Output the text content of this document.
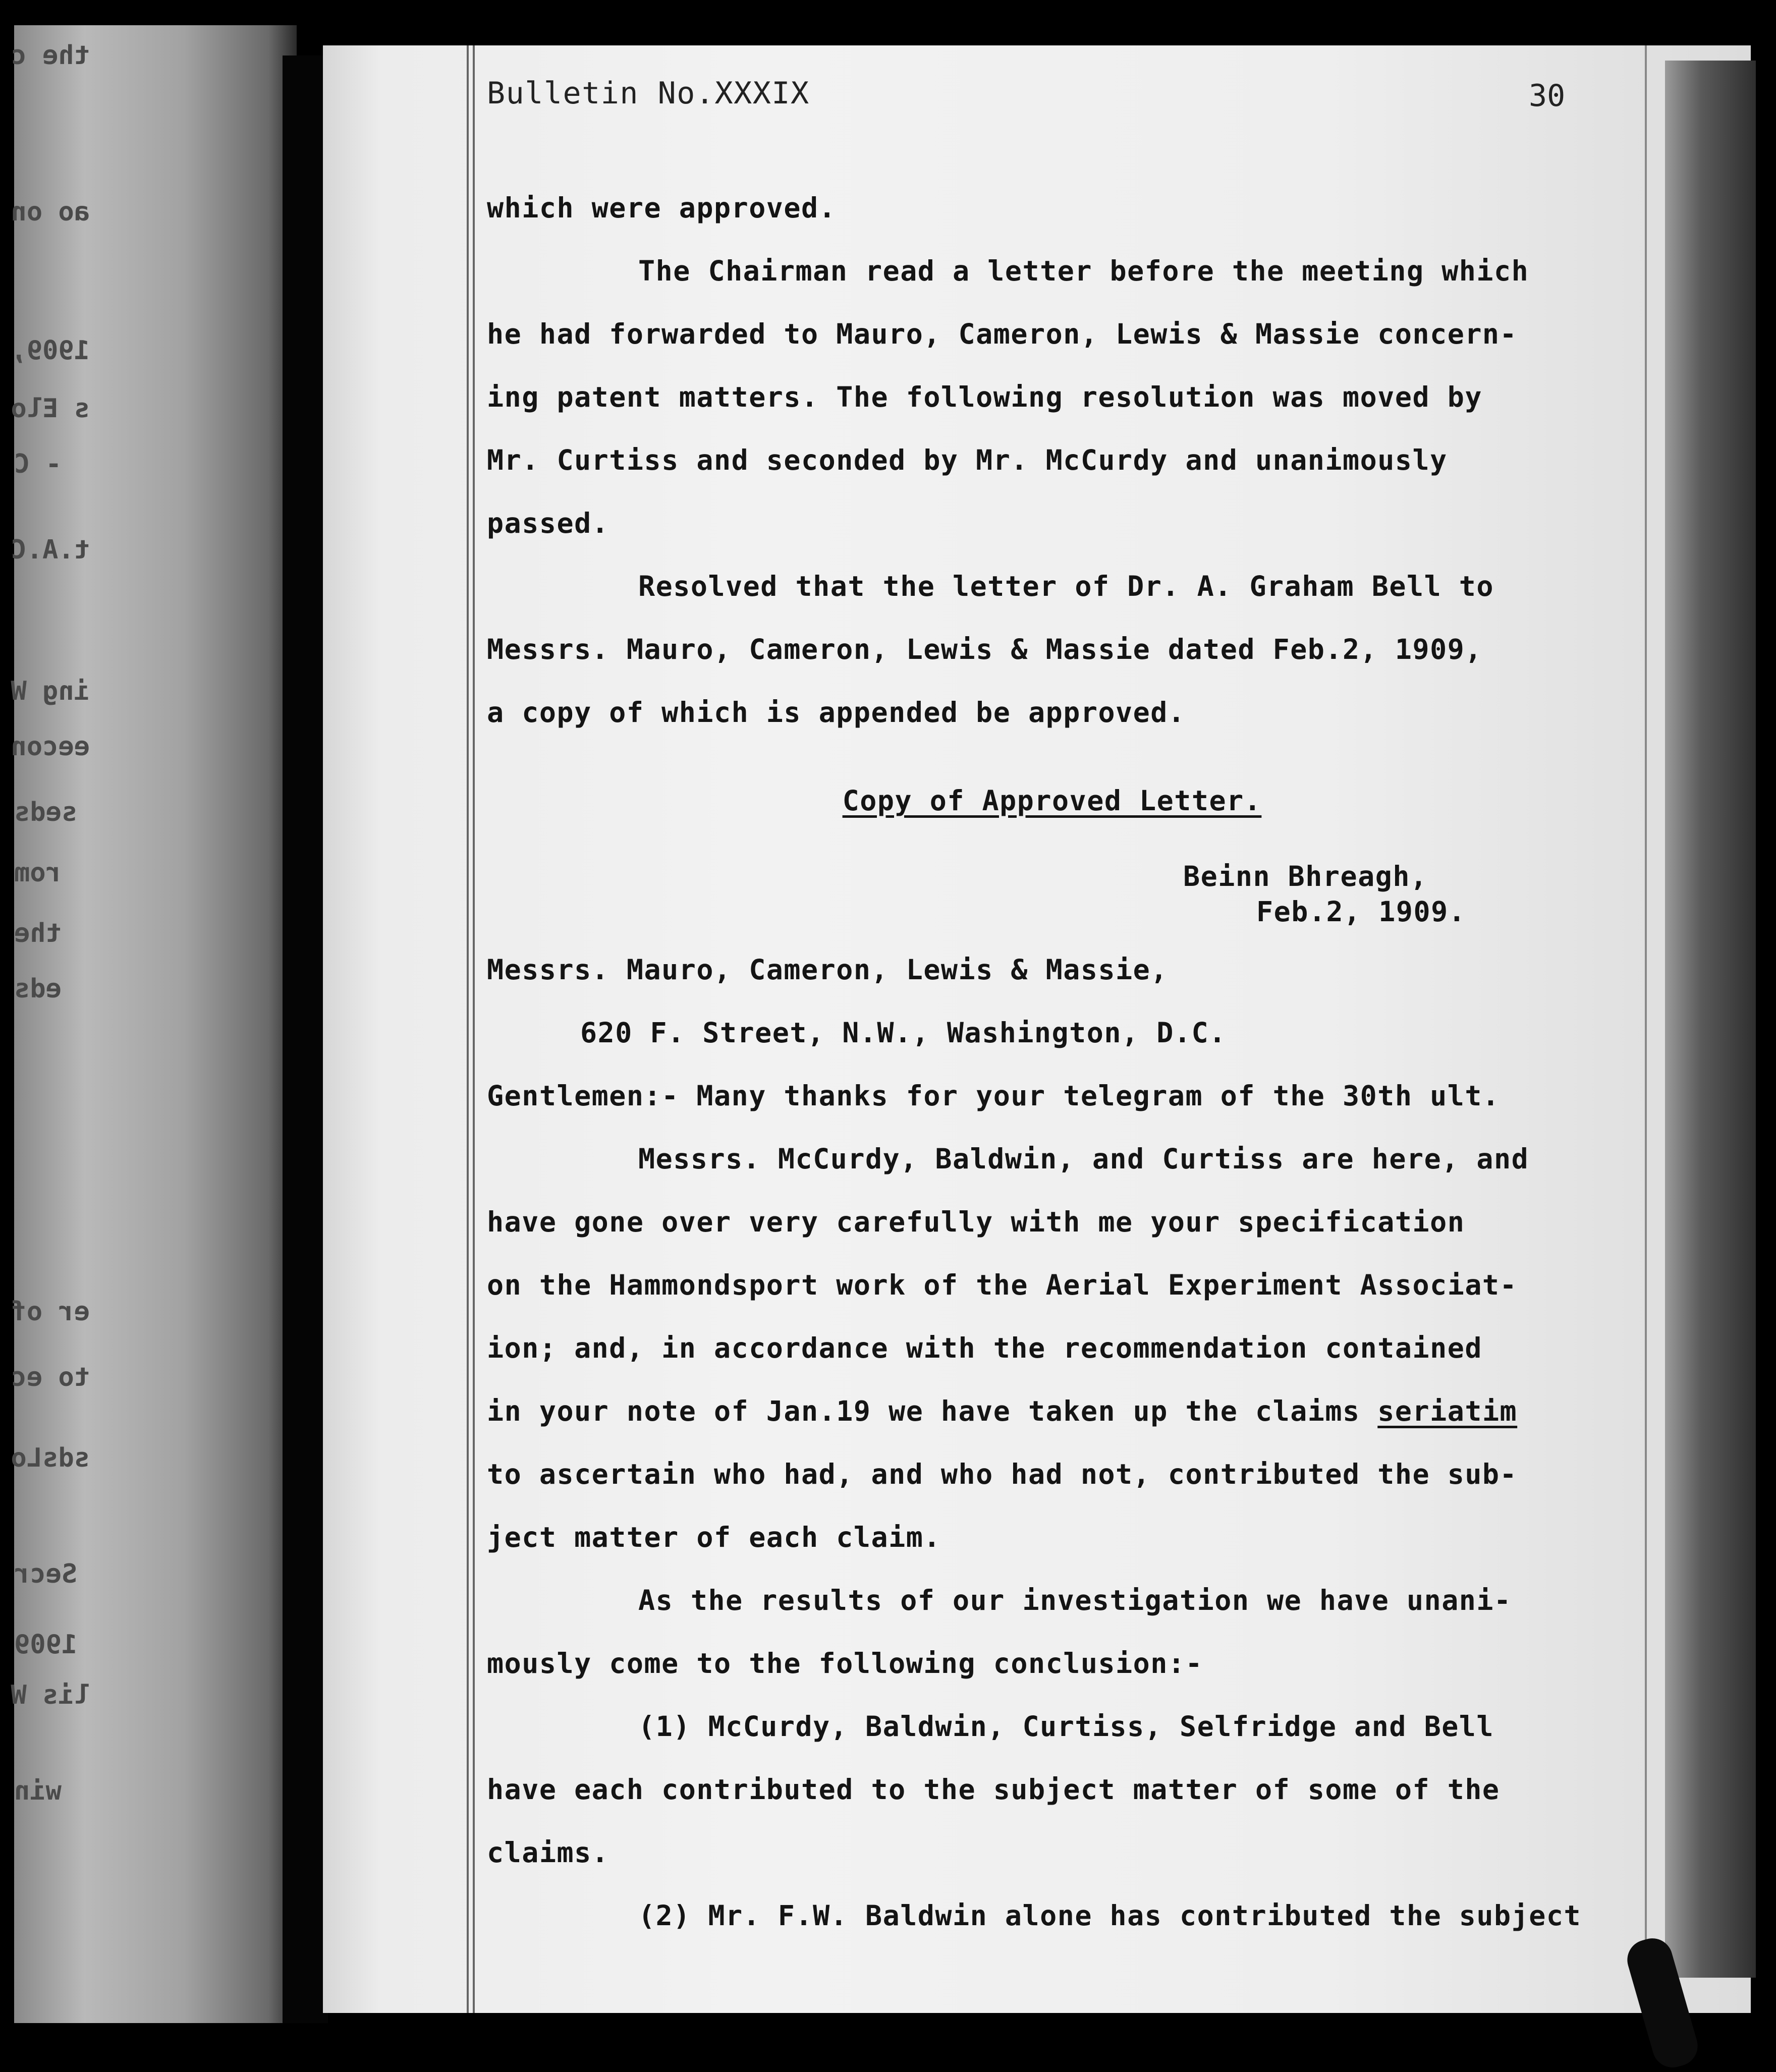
the c
ao on
1909,
s Elo
- C
t.A.C
ing W
eecon
seds
rom
the
eds
er of
to ec
sdsLo
Secr
1909
lis W
win
Bulletin No.XXXIX	30
which were approved.
The Chairman read a letter before the meeting which
he had forwarded to Mauro, Cameron, Lewis & Massie concern-
ing patent matters. The following resolution was moved by
Mr. Curtiss and seconded by Mr. McCurdy and unanimously
passed.
Resolved that the letter of Dr. A. Graham Bell to
Messrs. Mauro, Cameron, Lewis & Massie dated Feb.2, 1909,
a copy of which is appended be approved.
Copy of Approved Letter.
Beinn Bhreagh,
Feb.2, 1909.
Messrs. Mauro, Cameron, Lewis & Massie,
620 F. Street, N.W., Washington, D.C.
Gentlemen:- Many thanks for your telegram of the 30th ult.
Messrs. McCurdy, Baldwin, and Curtiss are here, and
have gone over very carefully with me your specification
on the Hammondsport work of the Aerial Experiment Associat-
ion; and, in accordance with the recommendation contained
in your note of Jan.19 we have taken up the claims seriatim
to ascertain who had, and who had not, contributed the sub-
ject matter of each claim.
As the results of our investigation we have unani-
mously come to the following conclusion:-
(1) McCurdy, Baldwin, Curtiss, Selfridge and Bell
have each contributed to the subject matter of some of the
claims.
(2) Mr. F.W. Baldwin alone has contributed the subject
